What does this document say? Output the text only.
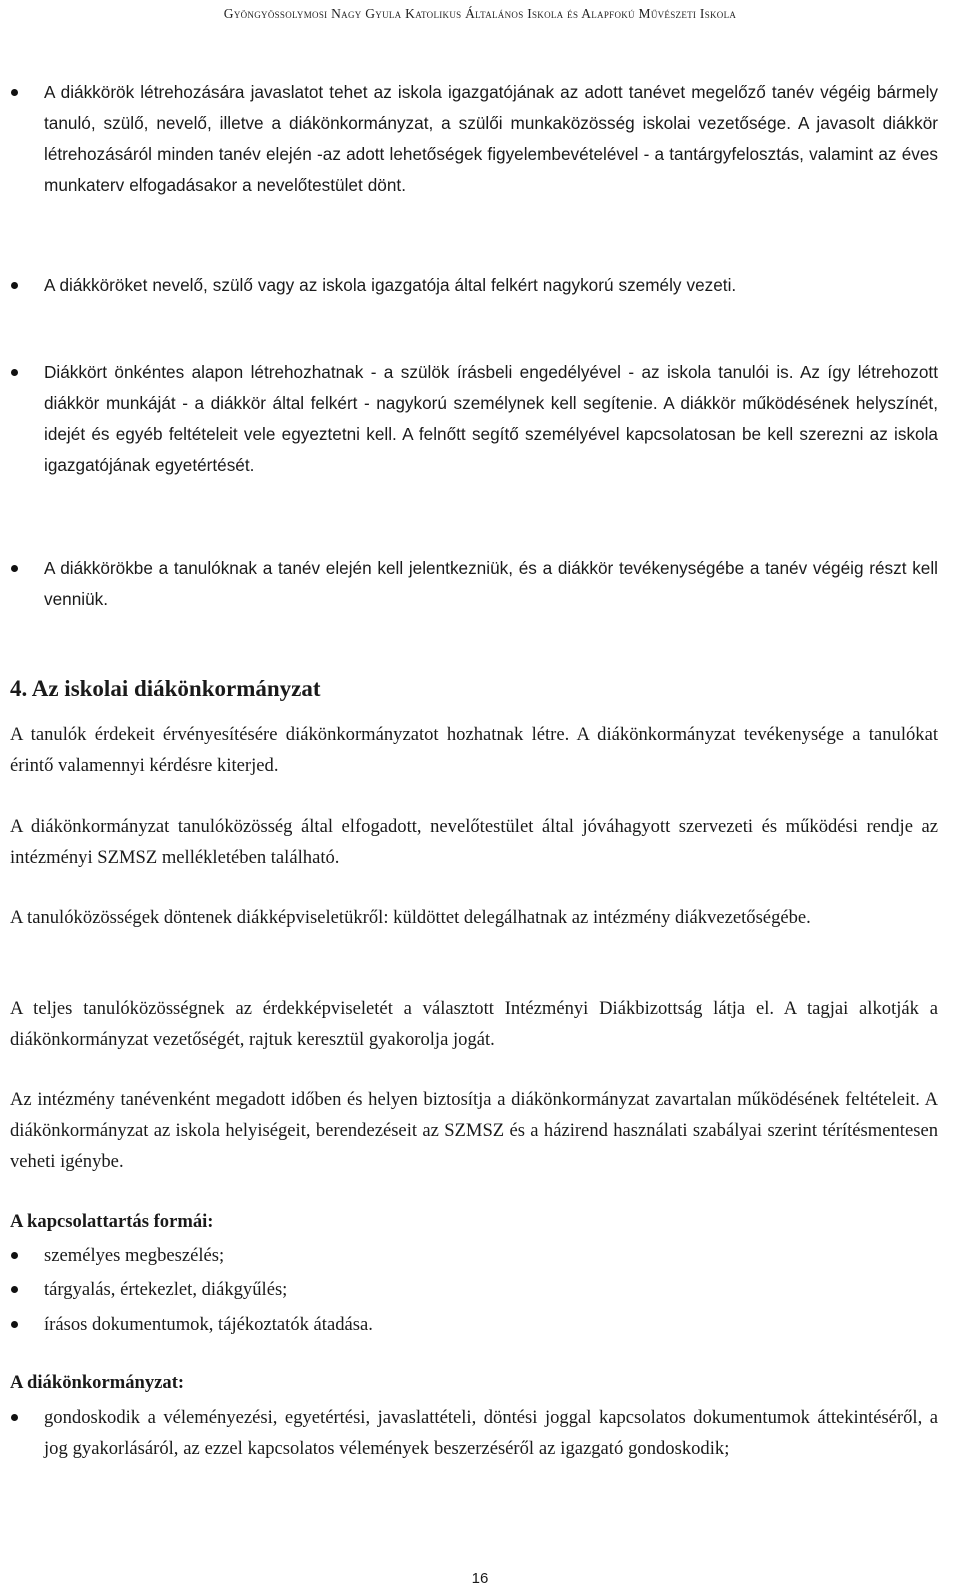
Gyöngyössolymosi Nagy Gyula Katolikus Általános Iskola és Alapfokú Művészeti Iskola
A diákkörök létrehozására javaslatot tehet az iskola igazgatójának az adott tanévet megelőző tanév végéig bármely tanuló, szülő, nevelő, illetve a diákönkormányzat, a szülői munkaközösség iskolai vezetősége. A javasolt diákkör létrehozásáról minden tanév elején -az adott lehetőségek figyelembevételével - a tantárgyfelosztás, valamint az éves munkaterv elfogadásakor a nevelőtestület dönt.
A diákköröket nevelő, szülő vagy az iskola igazgatója által felkért nagykorú személy vezeti.
Diákkört önkéntes alapon létrehozhatnak - a szülök írásbeli engedélyével - az iskola tanulói is. Az így létrehozott diákkör munkáját - a diákkör által felkért - nagykorú személynek kell segítenie. A diákkör működésének helyszínét, idejét és egyéb feltételeit vele egyeztetni kell. A felnőtt segítő személyével kapcsolatosan be kell szerezni az iskola igazgatójának egyetértését.
A diákkörökbe a tanulóknak a tanév elején kell jelentkezniük, és a diákkör tevékenységébe a tanév végéig részt kell venniük.
4. Az iskolai diákönkormányzat
A tanulók érdekeit érvényesítésére diákönkormányzatot hozhatnak létre. A diákönkormányzat tevékenysége a tanulókat érintő valamennyi kérdésre kiterjed.
A diákönkormányzat tanulóközösség által elfogadott, nevelőtestület által jóváhagyott szervezeti és működési rendje az intézményi SZMSZ mellékletében található.
A tanulóközösségek döntenek diákképviseletükről: küldöttet delegálhatnak az intézmény diákvezetőségébe.
A teljes tanulóközösségnek az érdekképviseletét a választott Intézményi Diákbizottság látja el. A tagjai alkotják a diákönkormányzat vezetőségét, rajtuk keresztül gyakorolja jogát.
Az intézmény tanévenként megadott időben és helyen biztosítja a diákönkormányzat zavartalan működésének feltételeit. A diákönkormányzat az iskola helyiségeit, berendezéseit az SZMSZ és a házirend használati szabályai szerint térítésmentesen veheti igénybe.
A kapcsolattartás formái:
személyes megbeszélés;
tárgyalás, értekezlet, diákgyűlés;
írásos dokumentumok, tájékoztatók átadása.
A diákönkormányzat:
gondoskodik a véleményezési, egyetértési, javaslattételi, döntési joggal kapcsolatos dokumentumok áttekintéséről, a jog gyakorlásáról, az ezzel kapcsolatos vélemények beszerzéséről az igazgató gondoskodik;
16
